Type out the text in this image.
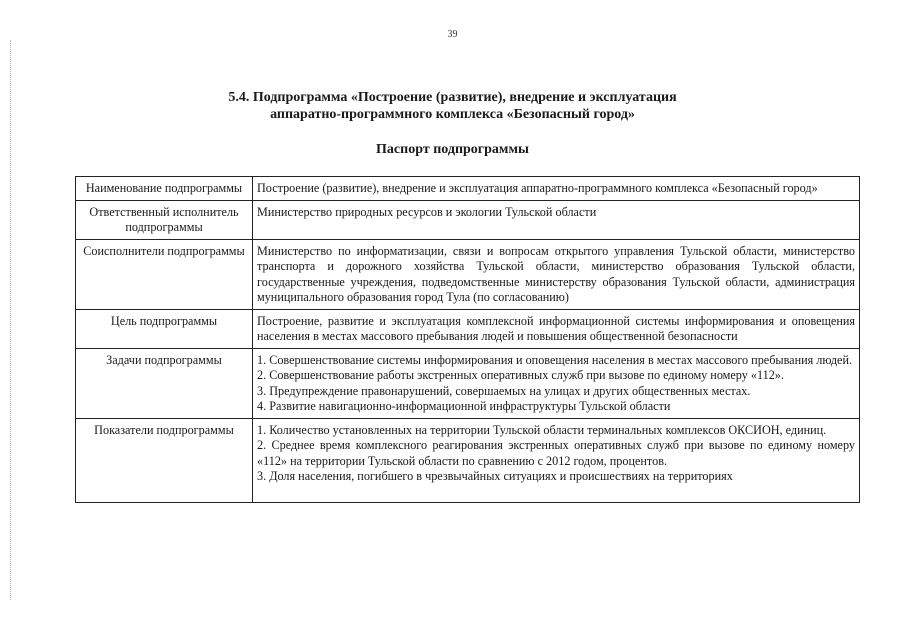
39
5.4. Подпрограмма «Построение (развитие), внедрение и эксплуатация
аппаратно-программного комплекса «Безопасный город»
Паспорт подпрограммы
Наименование подпрограммы	Построение (развитие), внедрение и эксплуатация аппаратно-программного комплекса «Безопасный город»

Ответственный исполнитель подпрограммы	Министерство природных ресурсов и экологии Тульской области

Соисполнители подпрограммы	Министерство по информатизации, связи и вопросам открытого управления Тульской области, министерство транспорта и дорожного хозяйства Тульской области, министерство образования Тульской области, государственные учреждения, подведомственные министерству образования Тульской области, администрация муниципального образования город Тула (по согласованию)

Цель подпрограммы	Построение, развитие и эксплуатация комплексной информационной системы информирования и оповещения населения в местах массового пребывания людей и повышения общественной безопасности

Задачи подпрограммы	1. Совершенствование системы информирования и оповещения населения в местах массового пребывания людей.

2. Совершенствование работы экстренных оперативных служб при вызове по единому номеру «112».

3. Предупреждение правонарушений, совершаемых на улицах и других общественных местах.

4. Развитие навигационно-информационной инфраструктуры Тульской области

Показатели подпрограммы	1. Количество установленных на территории Тульской области терминальных комплексов ОКСИОН, единиц.

2. Среднее время комплексного реагирования экстренных оперативных служб при вызове по единому номеру «112» на территории Тульской области по сравнению с 2012 годом, процентов.

3. Доля населения, погибшего в чрезвычайных ситуациях и происшествиях на территориях
